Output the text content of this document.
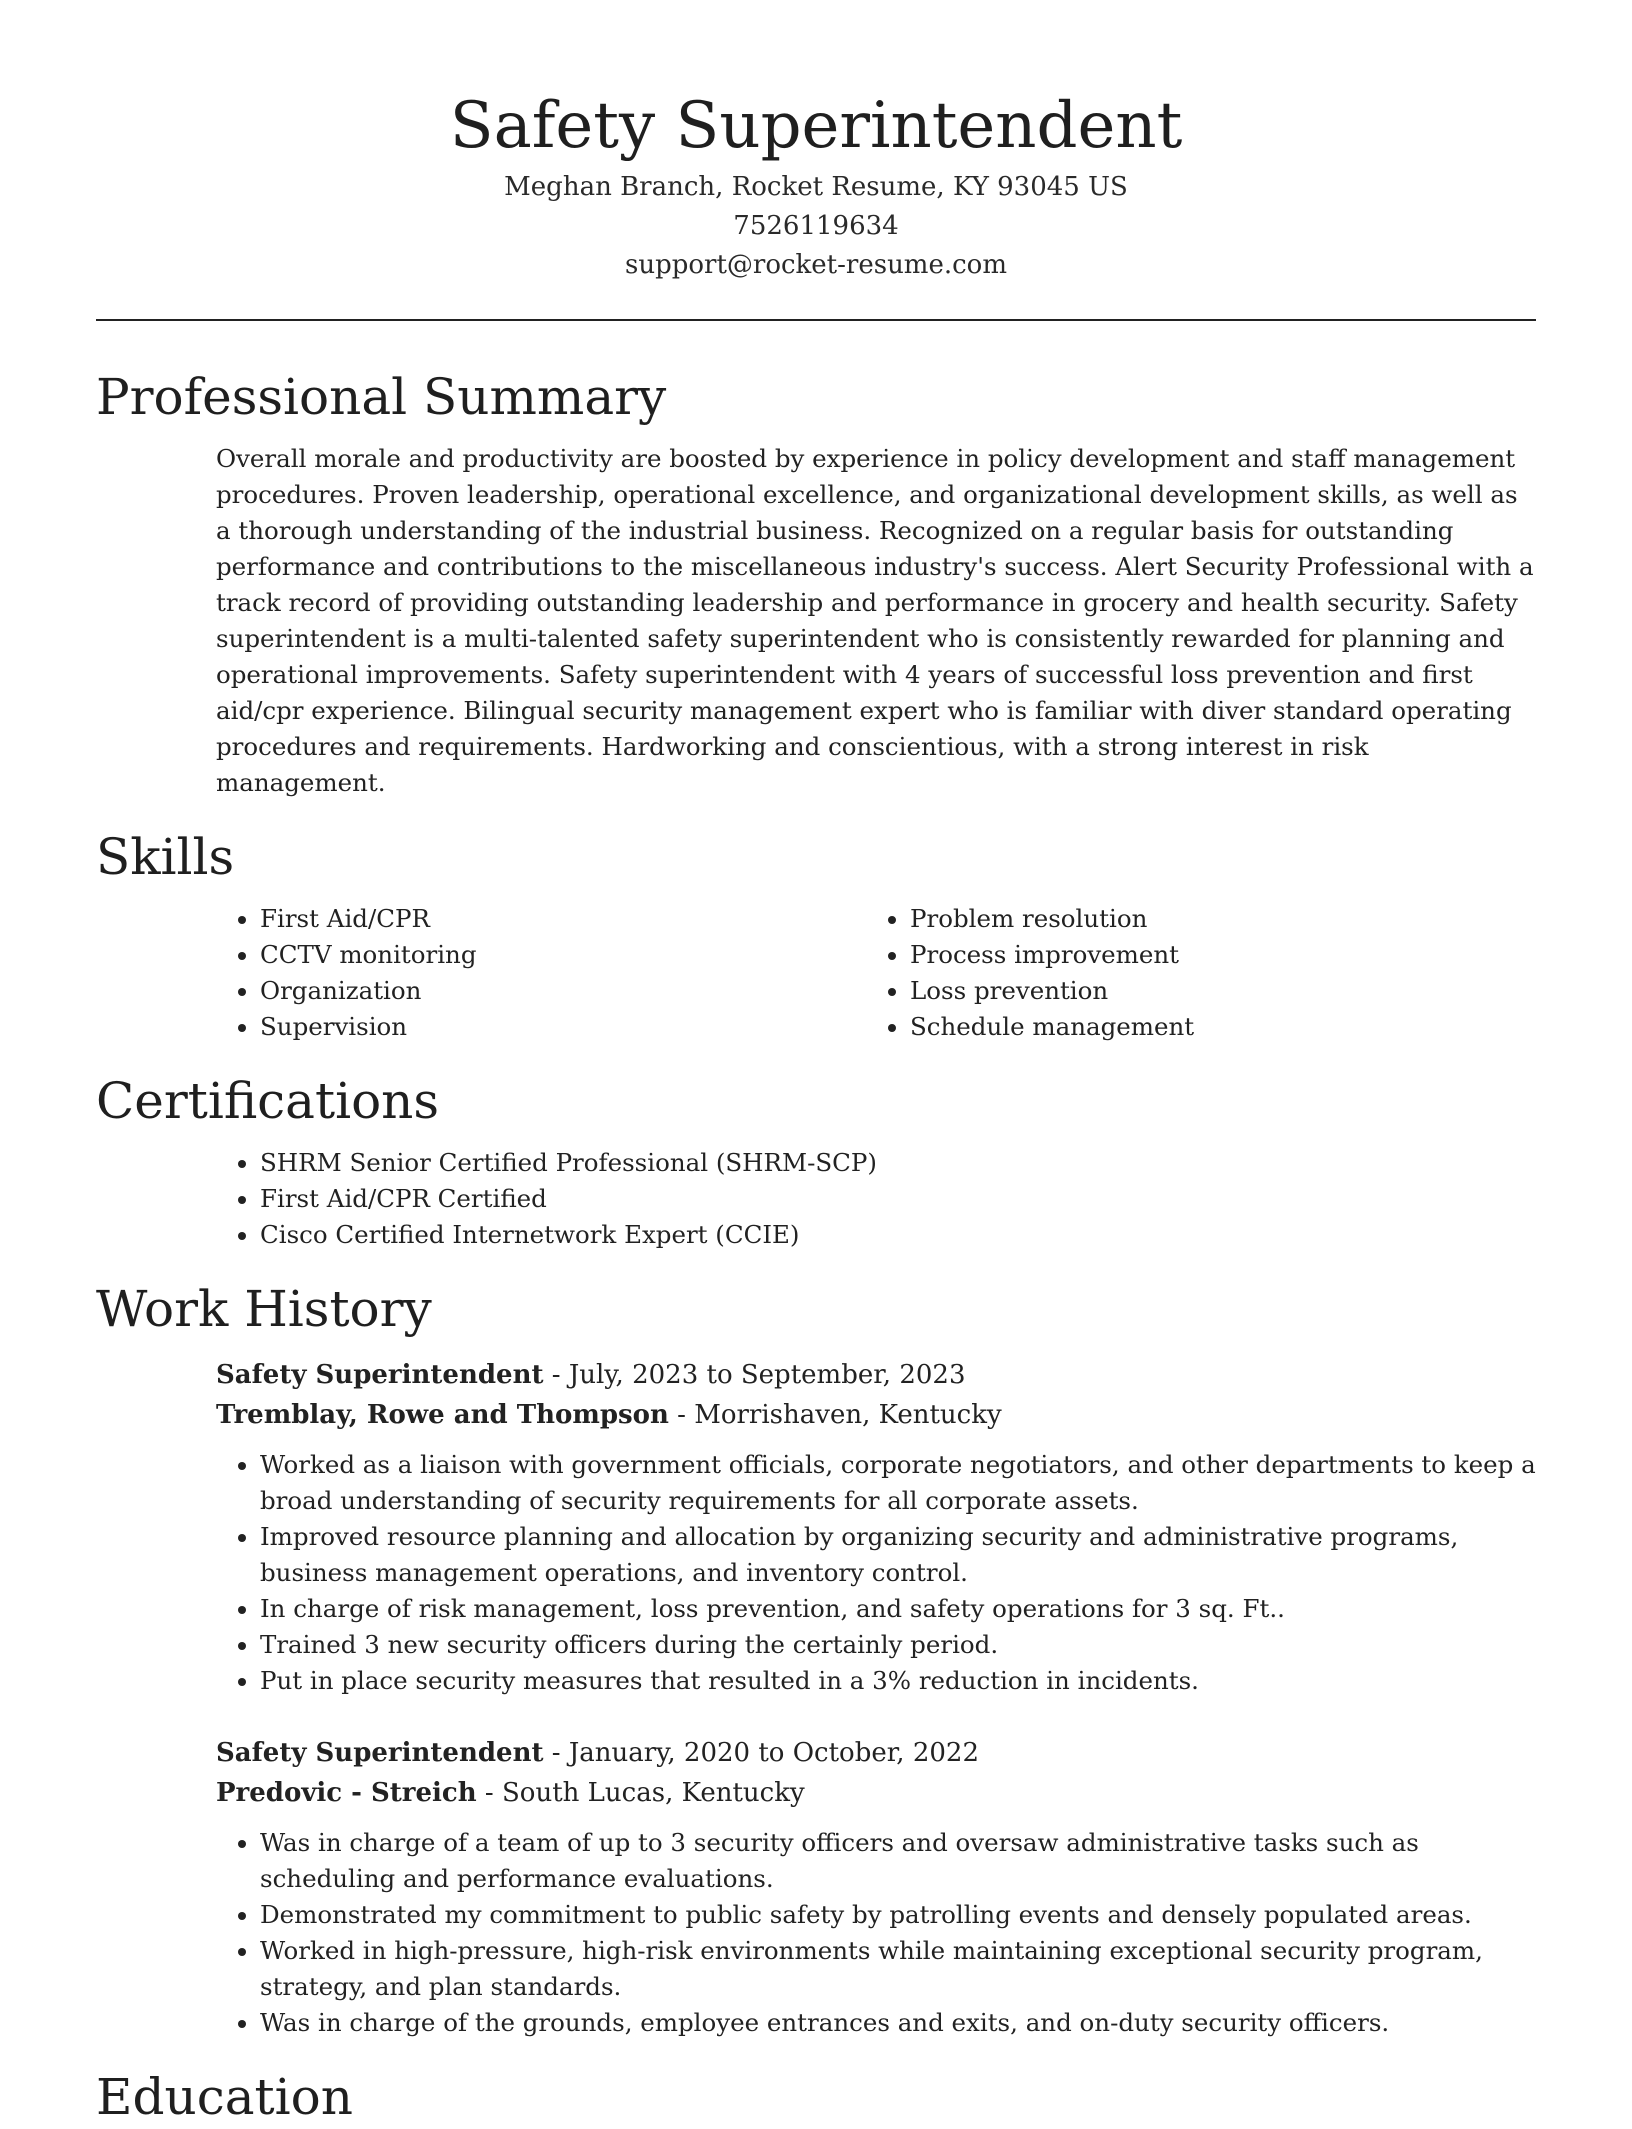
Safety Superintendent
Meghan Branch, Rocket Resume, KY 93045 US
7526119634
support@rocket-resume.com
Professional Summary

Overall morale and productivity are boosted by experience in policy development and staff management procedures. Proven leadership, operational excellence, and organizational development skills, as well as a thorough understanding of the industrial business. Recognized on a regular basis for outstanding performance and contributions to the miscellaneous industry's success. Alert Security Professional with a track record of providing outstanding leadership and performance in grocery and health security. Safety superintendent is a multi-talented safety superintendent who is consistently rewarded for planning and operational improvements. Safety superintendent with 4 years of successful loss prevention and first aid/cpr experience. Bilingual security management expert who is familiar with diver standard operating procedures and requirements. Hardworking and conscientious, with a strong interest in risk management.

Skills
• First Aid/CPR
• CCTV monitoring
• Organization
• Supervision
• Problem resolution
• Process improvement
• Loss prevention
• Schedule management
Certifications
• SHRM Senior Certified Professional (SHRM-SCP)
• First Aid/CPR Certified
• Cisco Certified Internetwork Expert (CCIE)
Work History
Safety Superintendent - July, 2023 to September, 2023
Tremblay, Rowe and Thompson - Morrishaven, Kentucky
• Worked as a liaison with government officials, corporate negotiators, and other departments to keep a broad understanding of security requirements for all corporate assets.
• Improved resource planning and allocation by organizing security and administrative programs, business management operations, and inventory control.
• In charge of risk management, loss prevention, and safety operations for 3 sq. Ft..
• Trained 3 new security officers during the certainly period.
• Put in place security measures that resulted in a 3% reduction in incidents.
Safety Superintendent - January, 2020 to October, 2022
Predovic - Streich - South Lucas, Kentucky
• Was in charge of a team of up to 3 security officers and oversaw administrative tasks such as scheduling and performance evaluations.
• Demonstrated my commitment to public safety by patrolling events and densely populated areas.
• Worked in high-pressure, high-risk environments while maintaining exceptional security program, strategy, and plan standards.
• Was in charge of the grounds, employee entrances and exits, and on-duty security officers.
Education
